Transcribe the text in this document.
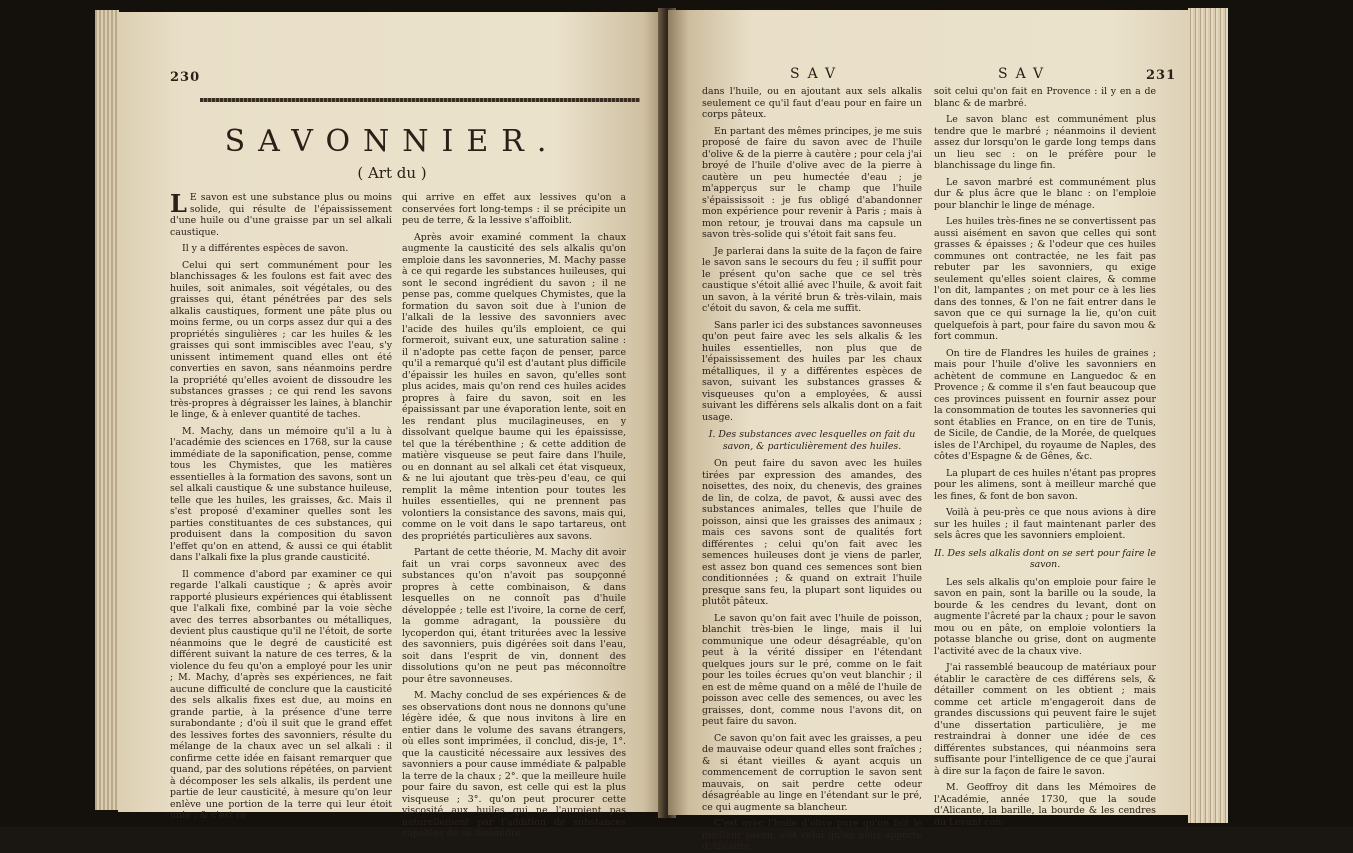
230
SAVONNIER.
( Art du )

L E savon est une substance plus ou moins solide, qui résulte de l'épaississement d'une huile ou d'une graisse par un sel alkali caustique.

Il y a différentes espèces de savon.

Celui qui sert communément pour les blanchissages & les foulons est fait avec des huiles, soit animales, soit végétales, ou des graisses qui, étant pénétrées par des sels alkalis caustiques, forment une pâte plus ou moins ferme, ou un corps assez dur qui a des propriétés singulières ; car les huiles & les graisses qui sont immiscibles avec l'eau, s'y unissent intimement quand elles ont été converties en savon, sans néanmoins perdre la propriété qu'elles avoient de dissoudre les substances grasses ; ce qui rend les savons très-propres à dégraisser les laines, à blanchir le linge, & à enlever quantité de taches.

M. Machy, dans un mémoire qu'il a lu à l'académie des sciences en 1768, sur la cause immédiate de la saponification, pense, comme tous les Chymistes, que les matières essentielles à la formation des savons, sont un sel alkali caustique & une substance huileuse, telle que les huiles, les graisses, &c. Mais il s'est proposé d'examiner quelles sont les parties constituantes de ces substances, qui produisent dans la composition du savon l'effet qu'on en attend, & aussi ce qui établit dans l'alkali fixe la plus grande causticité.

Il commence d'abord par examiner ce qui regarde l'alkali caustique ; & après avoir rapporté plusieurs expériences qui établissent que l'alkali fixe, combiné par la voie sèche avec des terres absorbantes ou métalliques, devient plus caustique qu'il ne l'étoit, de sorte néanmoins que le degré de causticité est différent suivant la nature de ces terres, & la violence du feu qu'on a employé pour les unir ; M. Machy, d'après ses expériences, ne fait aucune difficulté de conclure que la causticité des sels alkalis fixes est due, au moins en grande partie, à la présence d'une terre surabondante ; d'où il suit que le grand effet des lessives fortes des savonniers, résulte du mélange de la chaux avec un sel alkali : il confirme cette idée en faisant remarquer que quand, par des solutions répétées, on parvient à décomposer les sels alkalis, ils perdent une partie de leur causticité, à mesure qu'on leur enlève une portion de la terre qui leur étoit unie ; & c'est ce

qui arrive en effet aux lessives qu'on a conservées fort long-temps : il se précipite un peu de terre, & la lessive s'affoiblit.

Après avoir examiné comment la chaux augmente la causticité des sels alkalis qu'on emploie dans les savonneries, M. Machy passe à ce qui regarde les substances huileuses, qui sont le second ingrédient du savon ; il ne pense pas, comme quelques Chymistes, que la formation du savon soit due à l'union de l'alkali de la lessive des savonniers avec l'acide des huiles qu'ils emploient, ce qui formeroit, suivant eux, une saturation saline : il n'adopte pas cette façon de penser, parce qu'il a remarqué qu'il est d'autant plus difficile d'épaissir les huiles en savon, qu'elles sont plus acides, mais qu'on rend ces huiles acides propres à faire du savon, soit en les épaississant par une évaporation lente, soit en les rendant plus mucilagineuses, en y dissolvant quelque baume qui les épaississe, tel que la térébenthine ; & cette addition de matière visqueuse se peut faire dans l'huile, ou en donnant au sel alkali cet état visqueux, & ne lui ajoutant que très-peu d'eau, ce qui remplit la même intention pour toutes les huiles essentielles, qui ne prennent pas volontiers la consistance des savons, mais qui, comme on le voit dans le sapo tartareus, ont des propriétés particulières aux savons.

Partant de cette théorie, M. Machy dit avoir fait un vrai corps savonneux avec des substances qu'on n'avoit pas soupçonné propres à cette combinaison, & dans lesquelles on ne connoît pas d'huile développée ; telle est l'ivoire, la corne de cerf, la gomme adragant, la poussière du lycoperdon qui, étant triturées avec la lessive des savonniers, puis digérées soit dans l'eau, soit dans l'esprit de vin, donnent des dissolutions qu'on ne peut pas méconnoître pour être savonneuses.

M. Machy conclud de ses expériences & de ses observations dont nous ne donnons qu'une légère idée, & que nous invitons à lire en entier dans le volume des savans étrangers, où elles sont imprimées, il conclud, dis-je, 1°. que la causticité nécessaire aux lessives des savonniers a pour cause immédiate & palpable la terre de la chaux ; 2°. que la meilleure huile pour faire du savon, est celle qui est la plus visqueuse ; 3°. qu'on peut procurer cette viscosité aux huiles qui ne l'auroient pas naturellement par l'addition de substances capables de se dissoudre

SAV	SAV	231

dans l'huile, ou en ajoutant aux sels alkalis seulement ce qu'il faut d'eau pour en faire un corps pâteux.

En partant des mêmes principes, je me suis proposé de faire du savon avec de l'huile d'olive & de la pierre à cautère ; pour cela j'ai broyé de l'huile d'olive avec de la pierre à cautère un peu humectée d'eau ; je m'apperçus sur le champ que l'huile s'épaississoit : je fus obligé d'abandonner mon expérience pour revenir à Paris ; mais à mon retour, je trouvai dans ma capsule un savon très-solide qui s'étoit fait sans feu.

Je parlerai dans la suite de la façon de faire le savon sans le secours du feu ; il suffit pour le présent qu'on sache que ce sel très caustique s'étoit allié avec l'huile, & avoit fait un savon, à la vérité brun & très-vilain, mais c'étoit du savon, & cela me suffit.

Sans parler ici des substances savonneuses qu'on peut faire avec les sels alkalis & les huiles essentielles, non plus que de l'épaississement des huiles par les chaux métalliques, il y a différentes espèces de savon, suivant les substances grasses & visqueuses qu'on a employées, & aussi suivant les différens sels alkalis dont on a fait usage.

I. Des substances avec lesquelles on fait du savon, & particulièrement des huiles.

On peut faire du savon avec les huiles tirées par expression des amandes, des noisettes, des noix, du chenevis, des graines de lin, de colza, de pavot, & aussi avec des substances animales, telles que l'huile de poisson, ainsi que les graisses des animaux ; mais ces savons sont de qualités fort différentes ; celui qu'on fait avec les semences huileuses dont je viens de parler, est assez bon quand ces semences sont bien conditionnées ; & quand on extrait l'huile presque sans feu, la plupart sont liquides ou plutôt pâteux.

Le savon qu'on fait avec l'huile de poisson, blanchit très-bien le linge, mais il lui communique une odeur désagréable, qu'on peut à la vérité dissiper en l'étendant quelques jours sur le pré, comme on le fait pour les toiles écrues qu'on veut blanchir ; il en est de même quand on a mêlé de l'huile de poisson avec celle des semences, ou avec les graisses, dont, comme nous l'avons dit, on peut faire du savon.

Ce savon qu'on fait avec les graisses, a peu de mauvaise odeur quand elles sont fraîches ; & si étant vieilles & ayant acquis un commencement de corruption le savon sent mauvais, on sait perdre cette odeur désagréable au linge en l'étendant sur le pré, ce qui augmente sa blancheur.

C'est avec l'huile d'olive pure qu'on fait le meilleur savon, soit celui qu'on nous apporte d'Alicante,

soit celui qu'on fait en Provence : il y en a de blanc & de marbré.

Le savon blanc est communément plus tendre que le marbré ; néanmoins il devient assez dur lorsqu'on le garde long temps dans un lieu sec : on le préfère pour le blanchissage du linge fin.

Le savon marbré est communément plus dur & plus âcre que le blanc : on l'emploie pour blanchir le linge de ménage.

Les huiles très-fines ne se convertissent pas aussi aisément en savon que celles qui sont grasses & épaisses ; & l'odeur que ces huiles communes ont contractée, ne les fait pas rebuter par les savonniers, qu exige seulement qu'elles soient claires, & comme l'on dit, lampantes ; on met pour ce à les lies dans des tonnes, & l'on ne fait entrer dans le savon que ce qui surnage la lie, qu'on cuit quelquefois à part, pour faire du savon mou & fort commun.

On tire de Flandres les huiles de graines ; mais pour l'huile d'olive les savonniers en achètent de commune en Languedoc & en Provence ; & comme il s'en faut beaucoup que ces provinces puissent en fournir assez pour la consommation de toutes les savonneries qui sont établies en France, on en tire de Tunis, de Sicile, de Candie, de la Morée, de quelques isles de l'Archipel, du royaume de Naples, des côtes d'Espagne & de Gênes, &c.

La plupart de ces huiles n'étant pas propres pour les alimens, sont à meilleur marché que les fines, & font de bon savon.

Voilà à peu-près ce que nous avions à dire sur les huiles ; il faut maintenant parler des sels âcres que les savonniers emploient.

II. Des sels alkalis dont on se sert pour faire le savon.

Les sels alkalis qu'on emploie pour faire le savon en pain, sont la barille ou la soude, la bourde & les cendres du levant, dont on augmente l'âcreté par la chaux ; pour le savon mou ou en pâte, on emploie volontiers la potasse blanche ou grise, dont on augmente l'activité avec de la chaux vive.

J'ai rassemblé beaucoup de matériaux pour établir le caractère de ces différens sels, & détailler comment on les obtient ; mais comme cet article m'engageroit dans de grandes discussions qui peuvent faire le sujet d'une dissertation particulière, je me restraindrai à donner une idée de ces différentes substances, qui néanmoins sera suffisante pour l'intelligence de ce que j'aurai à dire sur la façon de faire le savon.

M. Geoffroy dit dans les Mémoires de l'Académie, année 1730, que la soude d'Alicante, la barille, la bourde & les cendres du Levant con-
